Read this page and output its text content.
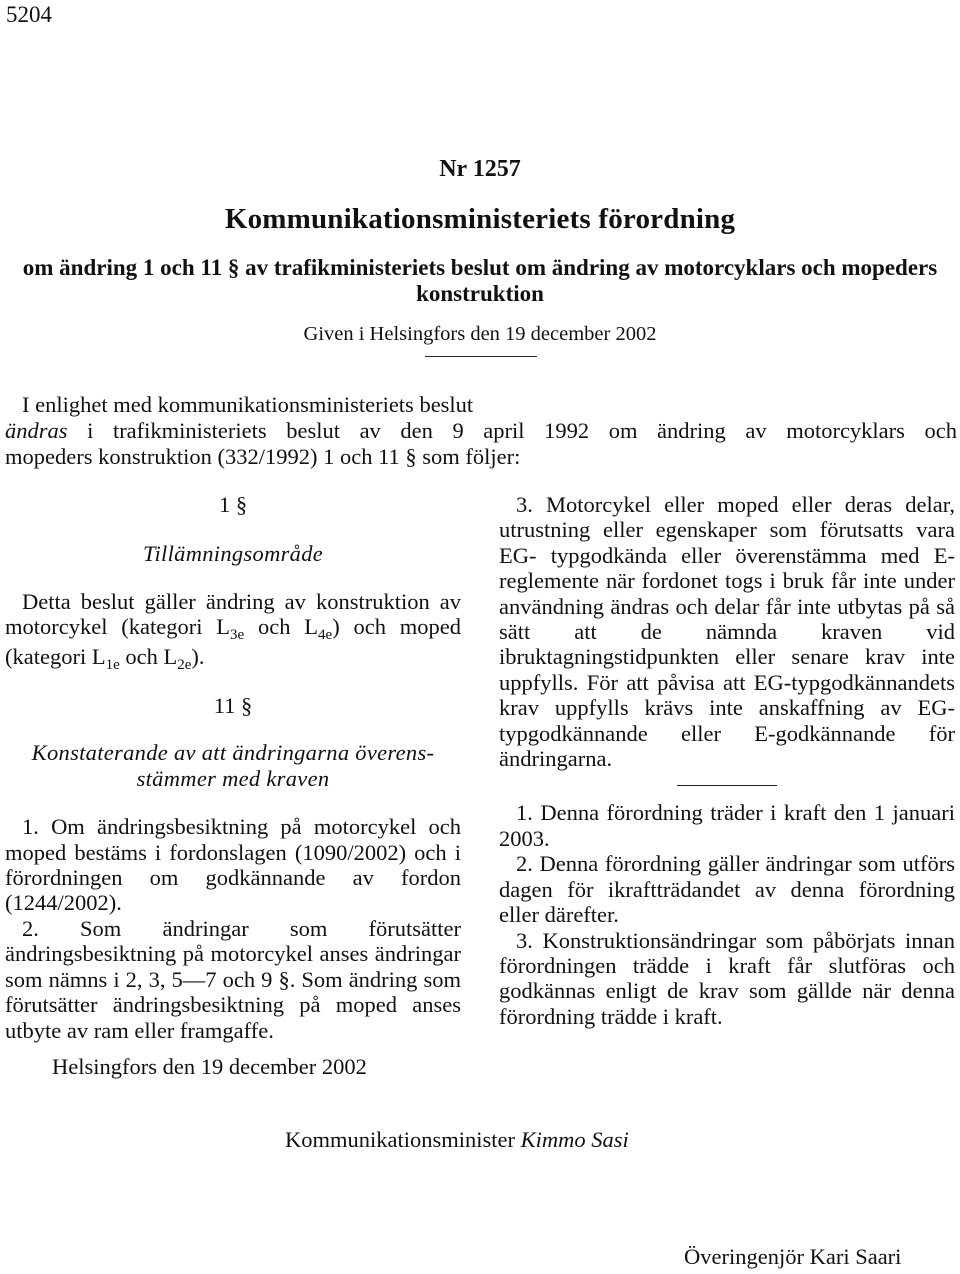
5204
Nr 1257
Kommunikationsministeriets förordning
om ändring 1 och 11 § av trafikministeriets beslut om ändring av motorcyklars och mopeders konstruktion
Given i Helsingfors den 19 december 2002

I enlighet med kommunikationsministeriets beslut

ändras i trafikministeriets beslut av den 9 april 1992 om ändring av motorcyklars och

mopeders konstruktion (332/1992) 1 och 11 § som följer:

1 §

Tillämningsområde

Detta beslut gäller ändring av konstruktion av motorcykel (kategori $L_{3e}$ och $L_{4e}$) och moped (kategori $L_{1e}$ och $L_{2e}$).

11 §

Konstaterande av att ändringarna överens-

stämmer med kraven

1. Om ändringsbesiktning på motorcykel och moped bestäms i fordonslagen (1090/2002) och i förordningen om godkännande av fordon (1244/2002).

2. Som ändringar som förutsätter ändringsbesiktning på motorcykel anses ändringar som nämns i 2, 3, 5—7 och 9 §. Som ändring som förutsätter ändringsbesiktning på moped anses utbyte av ram eller framgaffe.

3. Motorcykel eller moped eller deras delar, utrustning eller egenskaper som förutsatts vara EG- typgodkända eller överenstämma med E-reglemente när fordonet togs i bruk får inte under användning ändras och delar får inte utbytas på så sätt att de nämnda kraven vid ibruktagningstidpunkten eller senare krav inte uppfylls. För att påvisa att EG-typgodkännandets krav uppfylls krävs inte anskaffning av EG-typgodkännande eller E-godkännande för ändringarna.

1. Denna förordning träder i kraft den 1 januari 2003.

2. Denna förordning gäller ändringar som utförs dagen för ikraftträdandet av denna förordning eller därefter.

3. Konstruktionsändringar som påbörjats innan förordningen trädde i kraft får slutföras och godkännas enligt de krav som gällde när denna förordning trädde i kraft.

Helsingfors den 19 december 2002
Kommunikationsminister Kimmo Sasi
Överingenjör Kari Saari
